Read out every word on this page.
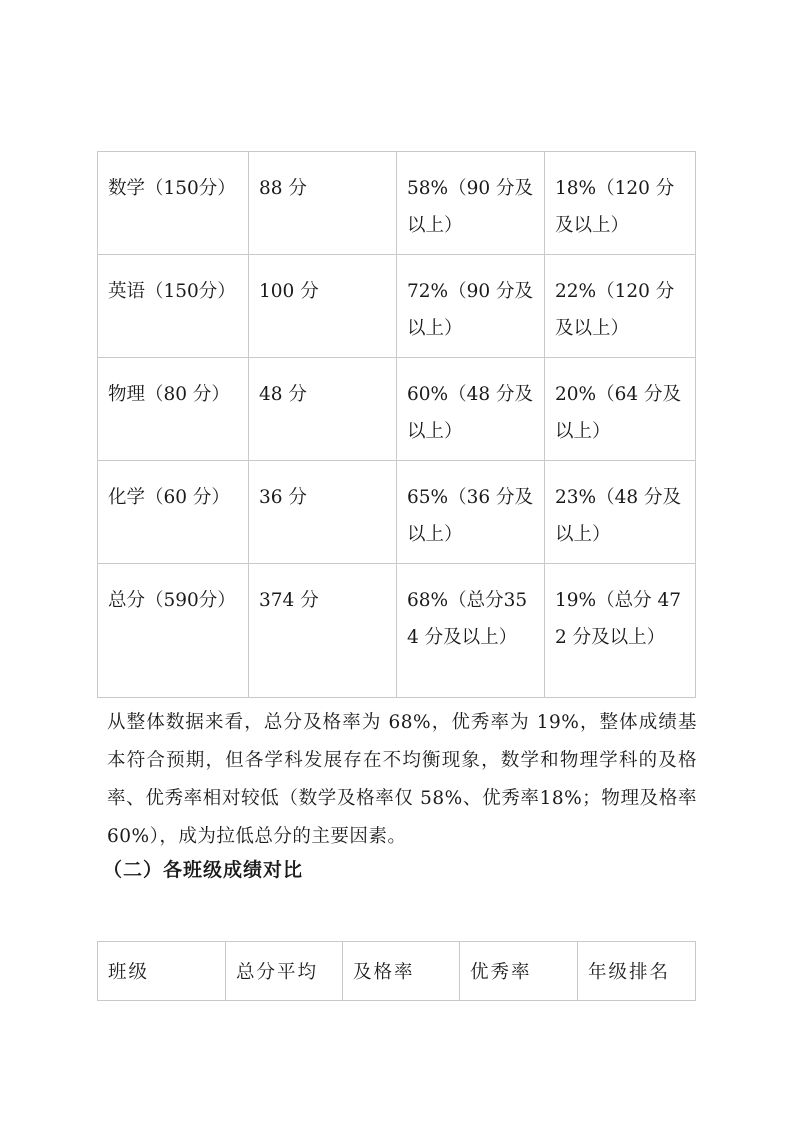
数学（150分）	88 分	58%（90 分及以上）	18%（120 分及以上）
英语（150分）	100 分	72%（90 分及以上）	22%（120 分及以上）
物理（80 分）	48 分	60%（48 分及以上）	20%（64 分及以上）
化学（60 分）	36 分	65%（36 分及以上）	23%（48 分及以上）
总分（590分）	374 分	68%（总分354 分及以上）	19%（总分 472 分及以上）

从整体数据来看，总分及格率为 68%，优秀率为 19%，整体成绩基本符合预期，但各学科发展存在不均衡现象，数学和物理学科的及格率、优秀率相对较低（数学及格率仅 58%、优秀率18%；物理及格率 60%），成为拉低总分的主要因素。

（二）各班级成绩对比
班级	总分平均	及格率	优秀率	年级排名
